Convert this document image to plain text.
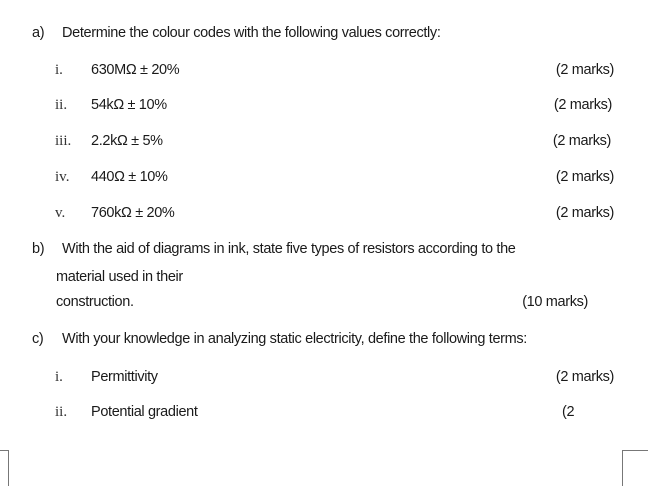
a) Determine the colour codes with the following values correctly:
i. 630MΩ ± 20%	(2 marks)
ii. 54kΩ ± 10%	(2 marks)
iii. 2.2kΩ ± 5%	(2 marks)
iv. 440Ω ± 10%	(2 marks)
v. 760kΩ ± 20%	(2 marks)
b) With the aid of diagrams in ink, state five types of resistors according to the
material used in their
construction.	(10 marks)
c) With your knowledge in analyzing static electricity, define the following terms:
i. Permittivity	(2 marks)
ii. Potential gradient	(2
